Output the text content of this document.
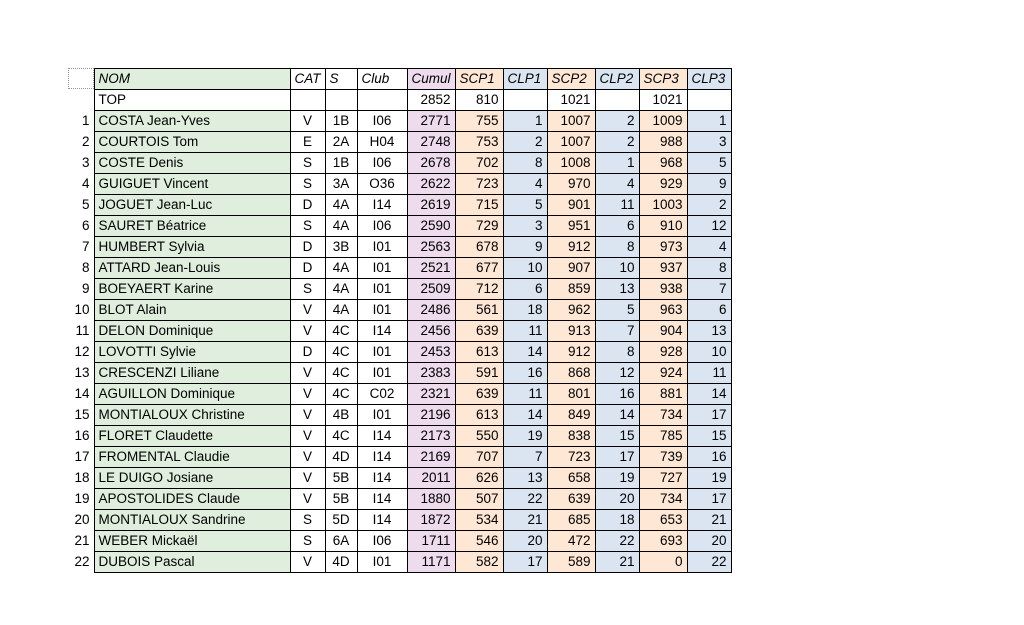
	NOM	CAT	S	Club	Cumul	SCP1	CLP1	SCP2	CLP2	SCP3	CLP3
	TOP				2852	810		1021		1021	
1	COSTA Jean-Yves	V	1B	I06	2771	755	1	1007	2	1009	1
2	COURTOIS Tom	E	2A	H04	2748	753	2	1007	2	988	3
3	COSTE Denis	S	1B	I06	2678	702	8	1008	1	968	5
4	GUIGUET Vincent	S	3A	O36	2622	723	4	970	4	929	9
5	JOGUET Jean-Luc	D	4A	I14	2619	715	5	901	11	1003	2
6	SAURET Béatrice	S	4A	I06	2590	729	3	951	6	910	12
7	HUMBERT Sylvia	D	3B	I01	2563	678	9	912	8	973	4
8	ATTARD Jean-Louis	D	4A	I01	2521	677	10	907	10	937	8
9	BOEYAERT Karine	S	4A	I01	2509	712	6	859	13	938	7
10	BLOT Alain	V	4A	I01	2486	561	18	962	5	963	6
11	DELON Dominique	V	4C	I14	2456	639	11	913	7	904	13
12	LOVOTTI Sylvie	D	4C	I01	2453	613	14	912	8	928	10
13	CRESCENZI Liliane	V	4C	I01	2383	591	16	868	12	924	11
14	AGUILLON Dominique	V	4C	C02	2321	639	11	801	16	881	14
15	MONTIALOUX Christine	V	4B	I01	2196	613	14	849	14	734	17
16	FLORET Claudette	V	4C	I14	2173	550	19	838	15	785	15
17	FROMENTAL Claudie	V	4D	I14	2169	707	7	723	17	739	16
18	LE DUIGO Josiane	V	5B	I14	2011	626	13	658	19	727	19
19	APOSTOLIDES Claude	V	5B	I14	1880	507	22	639	20	734	17
20	MONTIALOUX Sandrine	S	5D	I14	1872	534	21	685	18	653	21
21	WEBER Mickaël	S	6A	I06	1711	546	20	472	22	693	20
22	DUBOIS Pascal	V	4D	I01	1171	582	17	589	21	0	22
